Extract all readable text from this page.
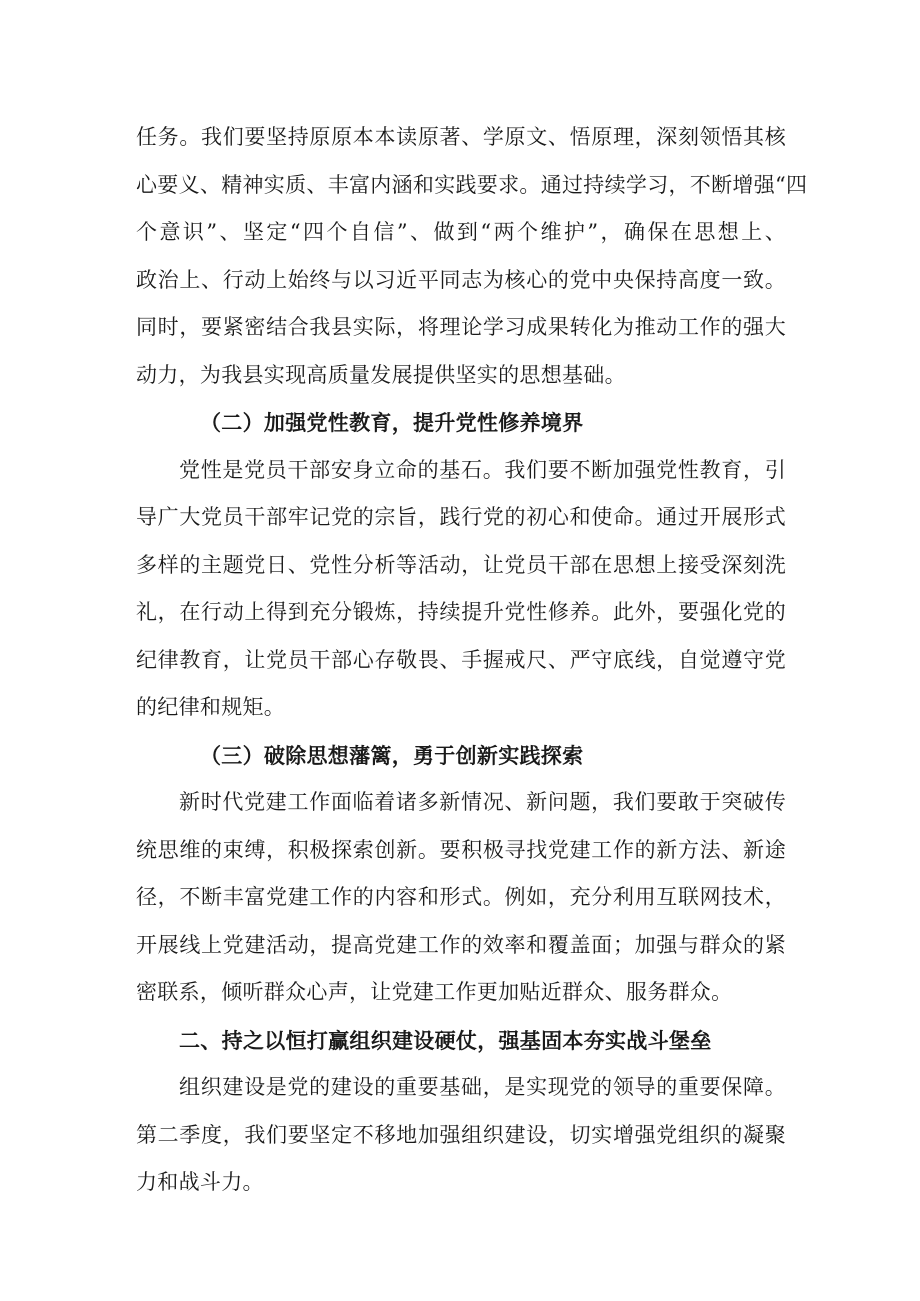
任务。我们要坚持原原本本读原著、学原文、悟原理，深刻领悟其核
心要义、精神实质、丰富内涵和实践要求。通过持续学习，不断增强“四
个意识”、坚定“四个自信”、做到“两个维护”，确保在思想上、
政治上、行动上始终与以习近平同志为核心的党中央保持高度一致。
同时，要紧密结合我县实际，将理论学习成果转化为推动工作的强大
动力，为我县实现高质量发展提供坚实的思想基础。
（二）加强党性教育，提升党性修养境界
党性是党员干部安身立命的基石。我们要不断加强党性教育，引
导广大党员干部牢记党的宗旨，践行党的初心和使命。通过开展形式
多样的主题党日、党性分析等活动，让党员干部在思想上接受深刻洗
礼，在行动上得到充分锻炼，持续提升党性修养。此外，要强化党的
纪律教育，让党员干部心存敬畏、手握戒尺、严守底线，自觉遵守党
的纪律和规矩。
（三）破除思想藩篱，勇于创新实践探索
新时代党建工作面临着诸多新情况、新问题，我们要敢于突破传
统思维的束缚，积极探索创新。要积极寻找党建工作的新方法、新途
径，不断丰富党建工作的内容和形式。例如，充分利用互联网技术，
开展线上党建活动，提高党建工作的效率和覆盖面；加强与群众的紧
密联系，倾听群众心声，让党建工作更加贴近群众、服务群众。
二、持之以恒打赢组织建设硬仗，强基固本夯实战斗堡垒
组织建设是党的建设的重要基础，是实现党的领导的重要保障。
第二季度，我们要坚定不移地加强组织建设，切实增强党组织的凝聚
力和战斗力。
